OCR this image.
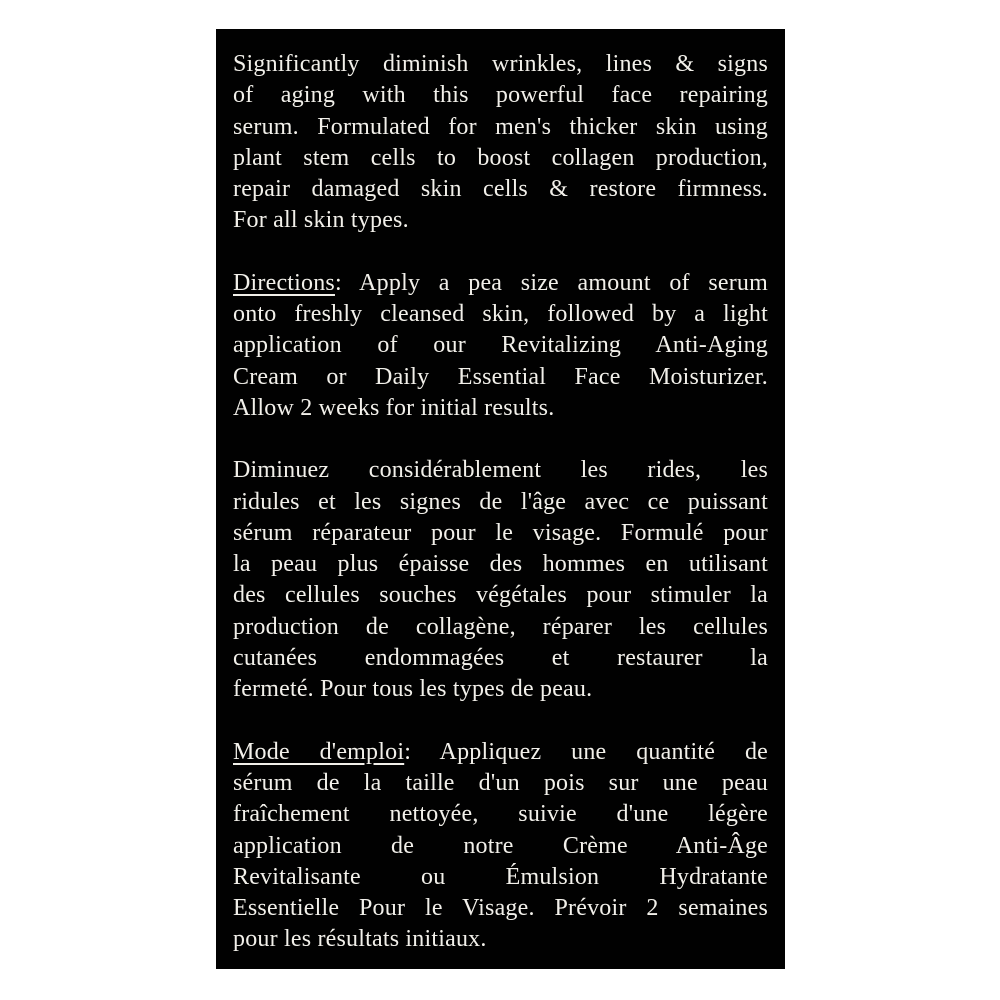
Significantly diminish wrinkles, lines & signs
of aging with this powerful face repairing
serum. Formulated for men's thicker skin using
plant stem cells to boost collagen production,
repair damaged skin cells & restore firmness.
For all skin types.
Directions: Apply a pea size amount of serum
onto freshly cleansed skin, followed by a light
application of our Revitalizing Anti-Aging
Cream or Daily Essential Face Moisturizer.
Allow 2 weeks for initial results.
Diminuez considérablement les rides, les
ridules et les signes de l'âge avec ce puissant
sérum réparateur pour le visage. Formulé pour
la peau plus épaisse des hommes en utilisant
des cellules souches végétales pour stimuler la
production de collagène, réparer les cellules
cutanées endommagées et restaurer la
fermeté. Pour tous les types de peau.
Mode d'emploi: Appliquez une quantité de
sérum de la taille d'un pois sur une peau
fraîchement nettoyée, suivie d'une légère
application de notre Crème Anti-Âge
Revitalisante ou Émulsion Hydratante
Essentielle Pour le Visage. Prévoir 2 semaines
pour les résultats initiaux.
